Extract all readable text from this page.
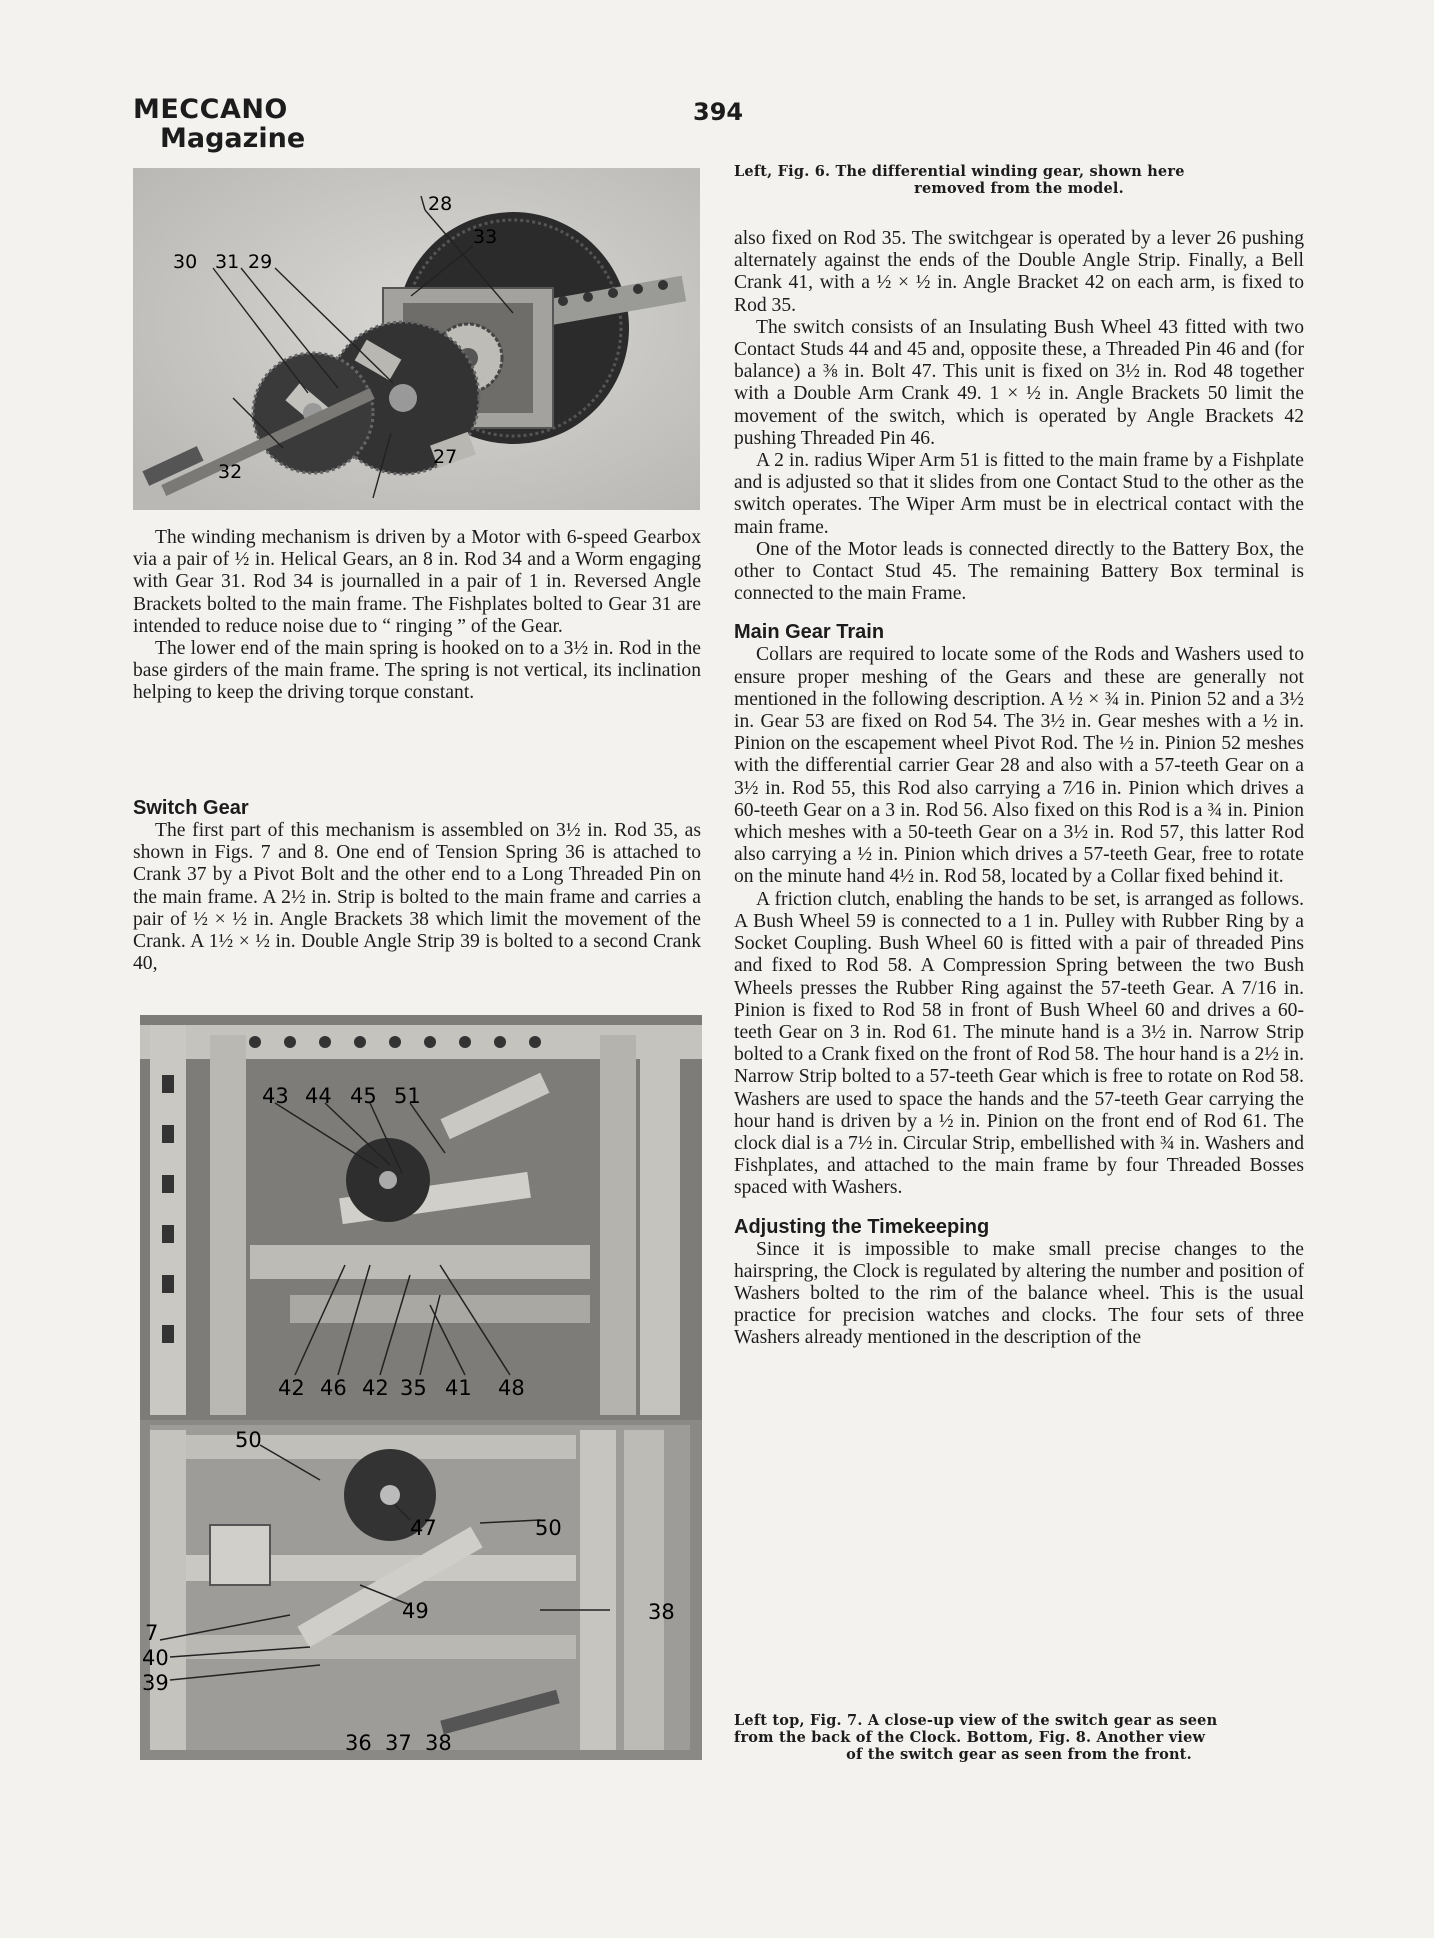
MECCANO
Magazine
394
28
33
30 31 29
27
32
Left, Fig. 6. The differential winding gear, shown here
removed from the model.

The winding mechanism is driven by a Motor with 6-speed Gearbox via a pair of ½ in. Helical Gears, an 8 in. Rod 34 and a Worm engaging with Gear 31. Rod 34 is journalled in a pair of 1 in. Reversed Angle Brackets bolted to the main frame. The Fishplates bolted to Gear 31 are intended to reduce noise due to “ ringing ” of the Gear.

The lower end of the main spring is hooked on to a 3½ in. Rod in the base girders of the main frame. The spring is not vertical, its inclination helping to keep the driving torque constant.

Switch Gear

The first part of this mechanism is assembled on 3½ in. Rod 35, as shown in Figs. 7 and 8. One end of Tension Spring 36 is attached to Crank 37 by a Pivot Bolt and the other end to a Long Threaded Pin on the main frame. A 2½ in. Strip is bolted to the main frame and carries a pair of ½ × ½ in. Angle Brackets 38 which limit the movement of the Crank. A 1½ × ½ in. Double Angle Strip 39 is bolted to a second Crank 40,

43 44 45 51
42 46 42 35 41 48
50
47	50
38
49
7
40
39
36 37 38

also fixed on Rod 35. The switchgear is operated by a lever 26 pushing alternately against the ends of the Double Angle Strip. Finally, a Bell Crank 41, with a ½ × ½ in. Angle Bracket 42 on each arm, is fixed to Rod 35.

The switch consists of an Insulating Bush Wheel 43 fitted with two Contact Studs 44 and 45 and, opposite these, a Threaded Pin 46 and (for balance) a ⅜ in. Bolt 47. This unit is fixed on 3½ in. Rod 48 together with a Double Arm Crank 49. 1 × ½ in. Angle Brackets 50 limit the movement of the switch, which is operated by Angle Brackets 42 pushing Threaded Pin 46.

A 2 in. radius Wiper Arm 51 is fitted to the main frame by a Fishplate and is adjusted so that it slides from one Contact Stud to the other as the switch operates. The Wiper Arm must be in electrical contact with the main frame.

One of the Motor leads is connected directly to the Battery Box, the other to Contact Stud 45. The remaining Battery Box terminal is connected to the main Frame.

Main Gear Train

Collars are required to locate some of the Rods and Washers used to ensure proper meshing of the Gears and these are generally not mentioned in the following description. A ½ × ¾ in. Pinion 52 and a 3½ in. Gear 53 are fixed on Rod 54. The 3½ in. Gear meshes with a ½ in. Pinion on the escapement wheel Pivot Rod. The ½ in. Pinion 52 meshes with the differential carrier Gear 28 and also with a 57-teeth Gear on a 3½ in. Rod 55, this Rod also carrying a 7⁄16 in. Pinion which drives a 60-teeth Gear on a 3 in. Rod 56. Also fixed on this Rod is a ¾ in. Pinion which meshes with a 50-teeth Gear on a 3½ in. Rod 57, this latter Rod also carrying a ½ in. Pinion which drives a 57-teeth Gear, free to rotate on the minute hand 4½ in. Rod 58, located by a Collar fixed behind it.

A friction clutch, enabling the hands to be set, is arranged as follows. A Bush Wheel 59 is connected to a 1 in. Pulley with Rubber Ring by a Socket Coupling. Bush Wheel 60 is fitted with a pair of threaded Pins and fixed to Rod 58. A Compression Spring between the two Bush Wheels presses the Rubber Ring against the 57-teeth Gear. A 7/16 in. Pinion is fixed to Rod 58 in front of Bush Wheel 60 and drives a 60-teeth Gear on 3 in. Rod 61. The minute hand is a 3½ in. Narrow Strip bolted to a Crank fixed on the front of Rod 58. The hour hand is a 2½ in. Narrow Strip bolted to a 57-teeth Gear which is free to rotate on Rod 58. Washers are used to space the hands and the 57-teeth Gear carrying the hour hand is driven by a ½ in. Pinion on the front end of Rod 61. The clock dial is a 7½ in. Circular Strip, embellished with ¾ in. Washers and Fishplates, and attached to the main frame by four Threaded Bosses spaced with Washers.

Adjusting the Timekeeping

Since it is impossible to make small precise changes to the hairspring, the Clock is regulated by altering the number and position of Washers bolted to the rim of the balance wheel. This is the usual practice for precision watches and clocks. The four sets of three Washers already mentioned in the description of the

Left top, Fig. 7. A close-up view of the switch gear as seen
from the back of the Clock. Bottom, Fig. 8. Another view
of the switch gear as seen from the front.
